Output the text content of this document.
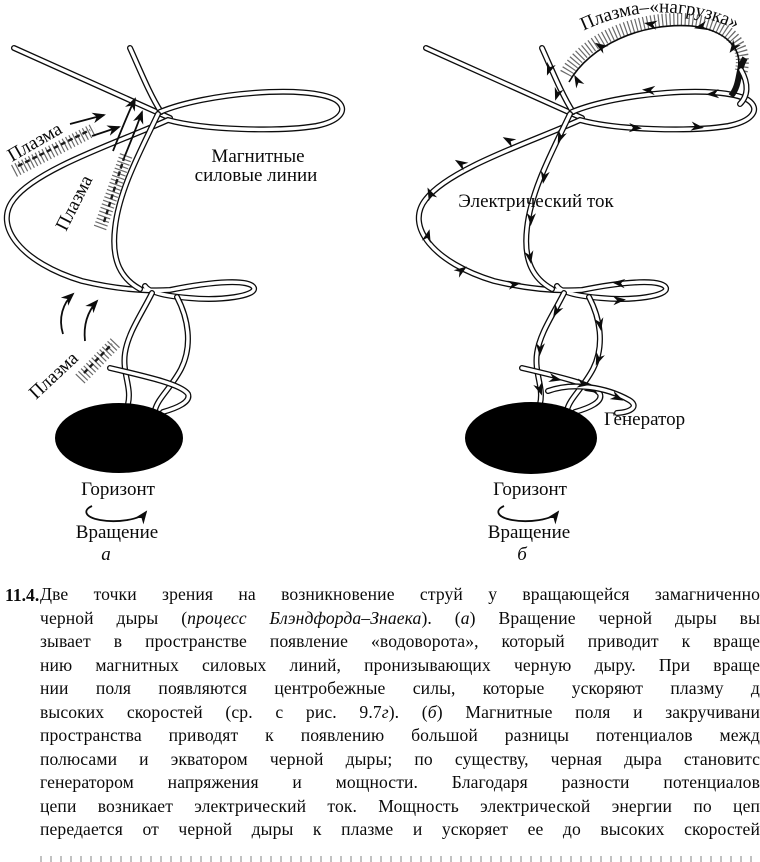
Плазма
Плазма
Плазма
Магнитные
силовые линии
Горизонт
Вращение
а
Плазма–«нагрузка»
Электрический ток
Генератор
Горизонт
Вращение
б
11.4. Две точки зрения на возникновение струй у вращающейся замагниченно
черной дыры (процесс Блэндфорда–Знаека). (а) Вращение черной дыры вы
зывает в пространстве появление «водоворота», который приводит к враще
нию магнитных силовых линий, пронизывающих черную дыру. При враще
нии поля появляются центробежные силы, которые ускоряют плазму д
высоких скоростей (ср. с рис. 9.7г). (б) Магнитные поля и закручивани
пространства приводят к появлению большой разницы потенциалов межд
полюсами и экватором черной дыры; по существу, черная дыра становитс
генератором напряжения и мощности. Благодаря разности потенциалов
цепи возникает электрический ток. Мощность электрической энергии по цеп
передается от черной дыры к плазме и ускоряет ее до высоких скоростей
